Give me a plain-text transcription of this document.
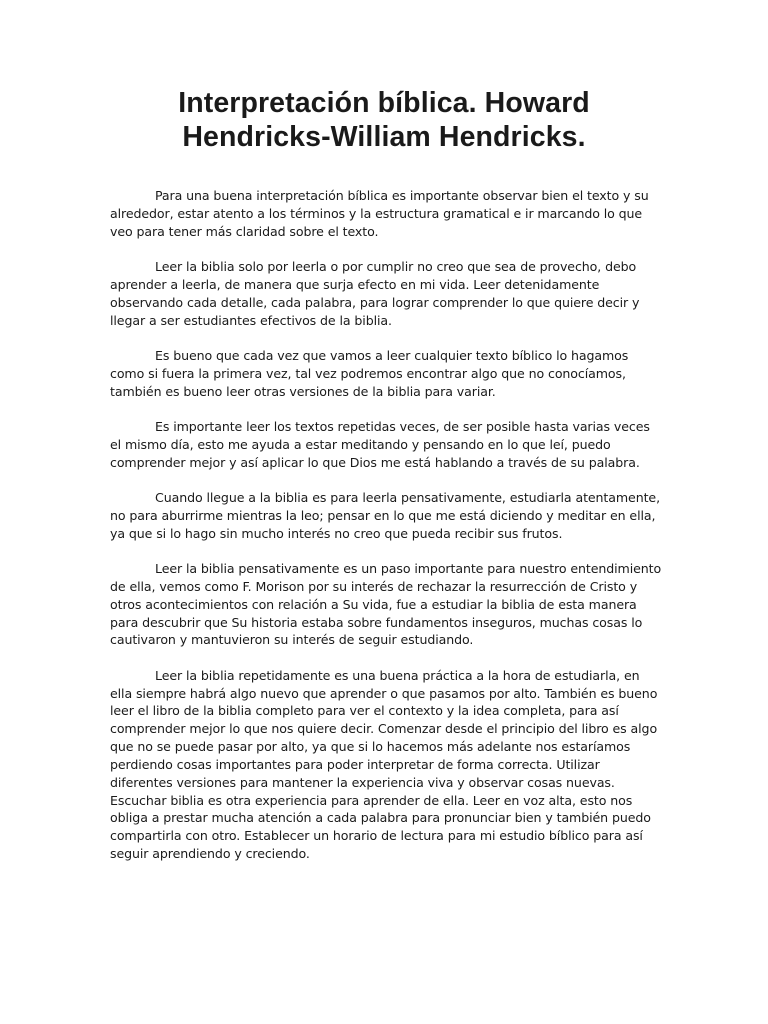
Interpretación bíblica. Howard Hendricks-William Hendricks.

Para una buena interpretación bíblica es importante observar bien el texto y su alrededor, estar atento a los términos y la estructura gramatical e ir marcando lo que veo para tener más claridad sobre el texto.

Leer la biblia solo por leerla o por cumplir no creo que sea de provecho, debo aprender a leerla, de manera que surja efecto en mi vida. Leer detenidamente observando cada detalle, cada palabra, para lograr comprender lo que quiere decir y llegar a ser estudiantes efectivos de la biblia.

Es bueno que cada vez que vamos a leer cualquier texto bíblico lo hagamos como si fuera la primera vez, tal vez podremos encontrar algo que no conocíamos, también es bueno leer otras versiones de la biblia para variar.

Es importante leer los textos repetidas veces, de ser posible hasta varias veces el mismo día, esto me ayuda a estar meditando y pensando en lo que leí, puedo comprender mejor y así aplicar lo que Dios me está hablando a través de su palabra.

Cuando llegue a la biblia es para leerla pensativamente, estudiarla atentamente, no para aburrirme mientras la leo; pensar en lo que me está diciendo y meditar en ella, ya que si lo hago sin mucho interés no creo que pueda recibir sus frutos.

Leer la biblia pensativamente es un paso importante para nuestro entendimiento de ella, vemos como F. Morison por su interés de rechazar la resurrección de Cristo y otros acontecimientos con relación a Su vida, fue a estudiar la biblia de esta manera para descubrir que Su historia estaba sobre fundamentos inseguros, muchas cosas lo cautivaron y mantuvieron su interés de seguir estudiando.

Leer la biblia repetidamente es una buena práctica a la hora de estudiarla, en ella siempre habrá algo nuevo que aprender o que pasamos por alto. También es bueno leer el libro de la biblia completo para ver el contexto y la idea completa, para así comprender mejor lo que nos quiere decir. Comenzar desde el principio del libro es algo que no se puede pasar por alto, ya que si lo hacemos más adelante nos estaríamos perdiendo cosas importantes para poder interpretar de forma correcta. Utilizar diferentes versiones para mantener la experiencia viva y observar cosas nuevas. Escuchar biblia es otra experiencia para aprender de ella. Leer en voz alta, esto nos obliga a prestar mucha atención a cada palabra para pronunciar bien y también puedo compartirla con otro. Establecer un horario de lectura para mi estudio bíblico para así seguir aprendiendo y creciendo.
